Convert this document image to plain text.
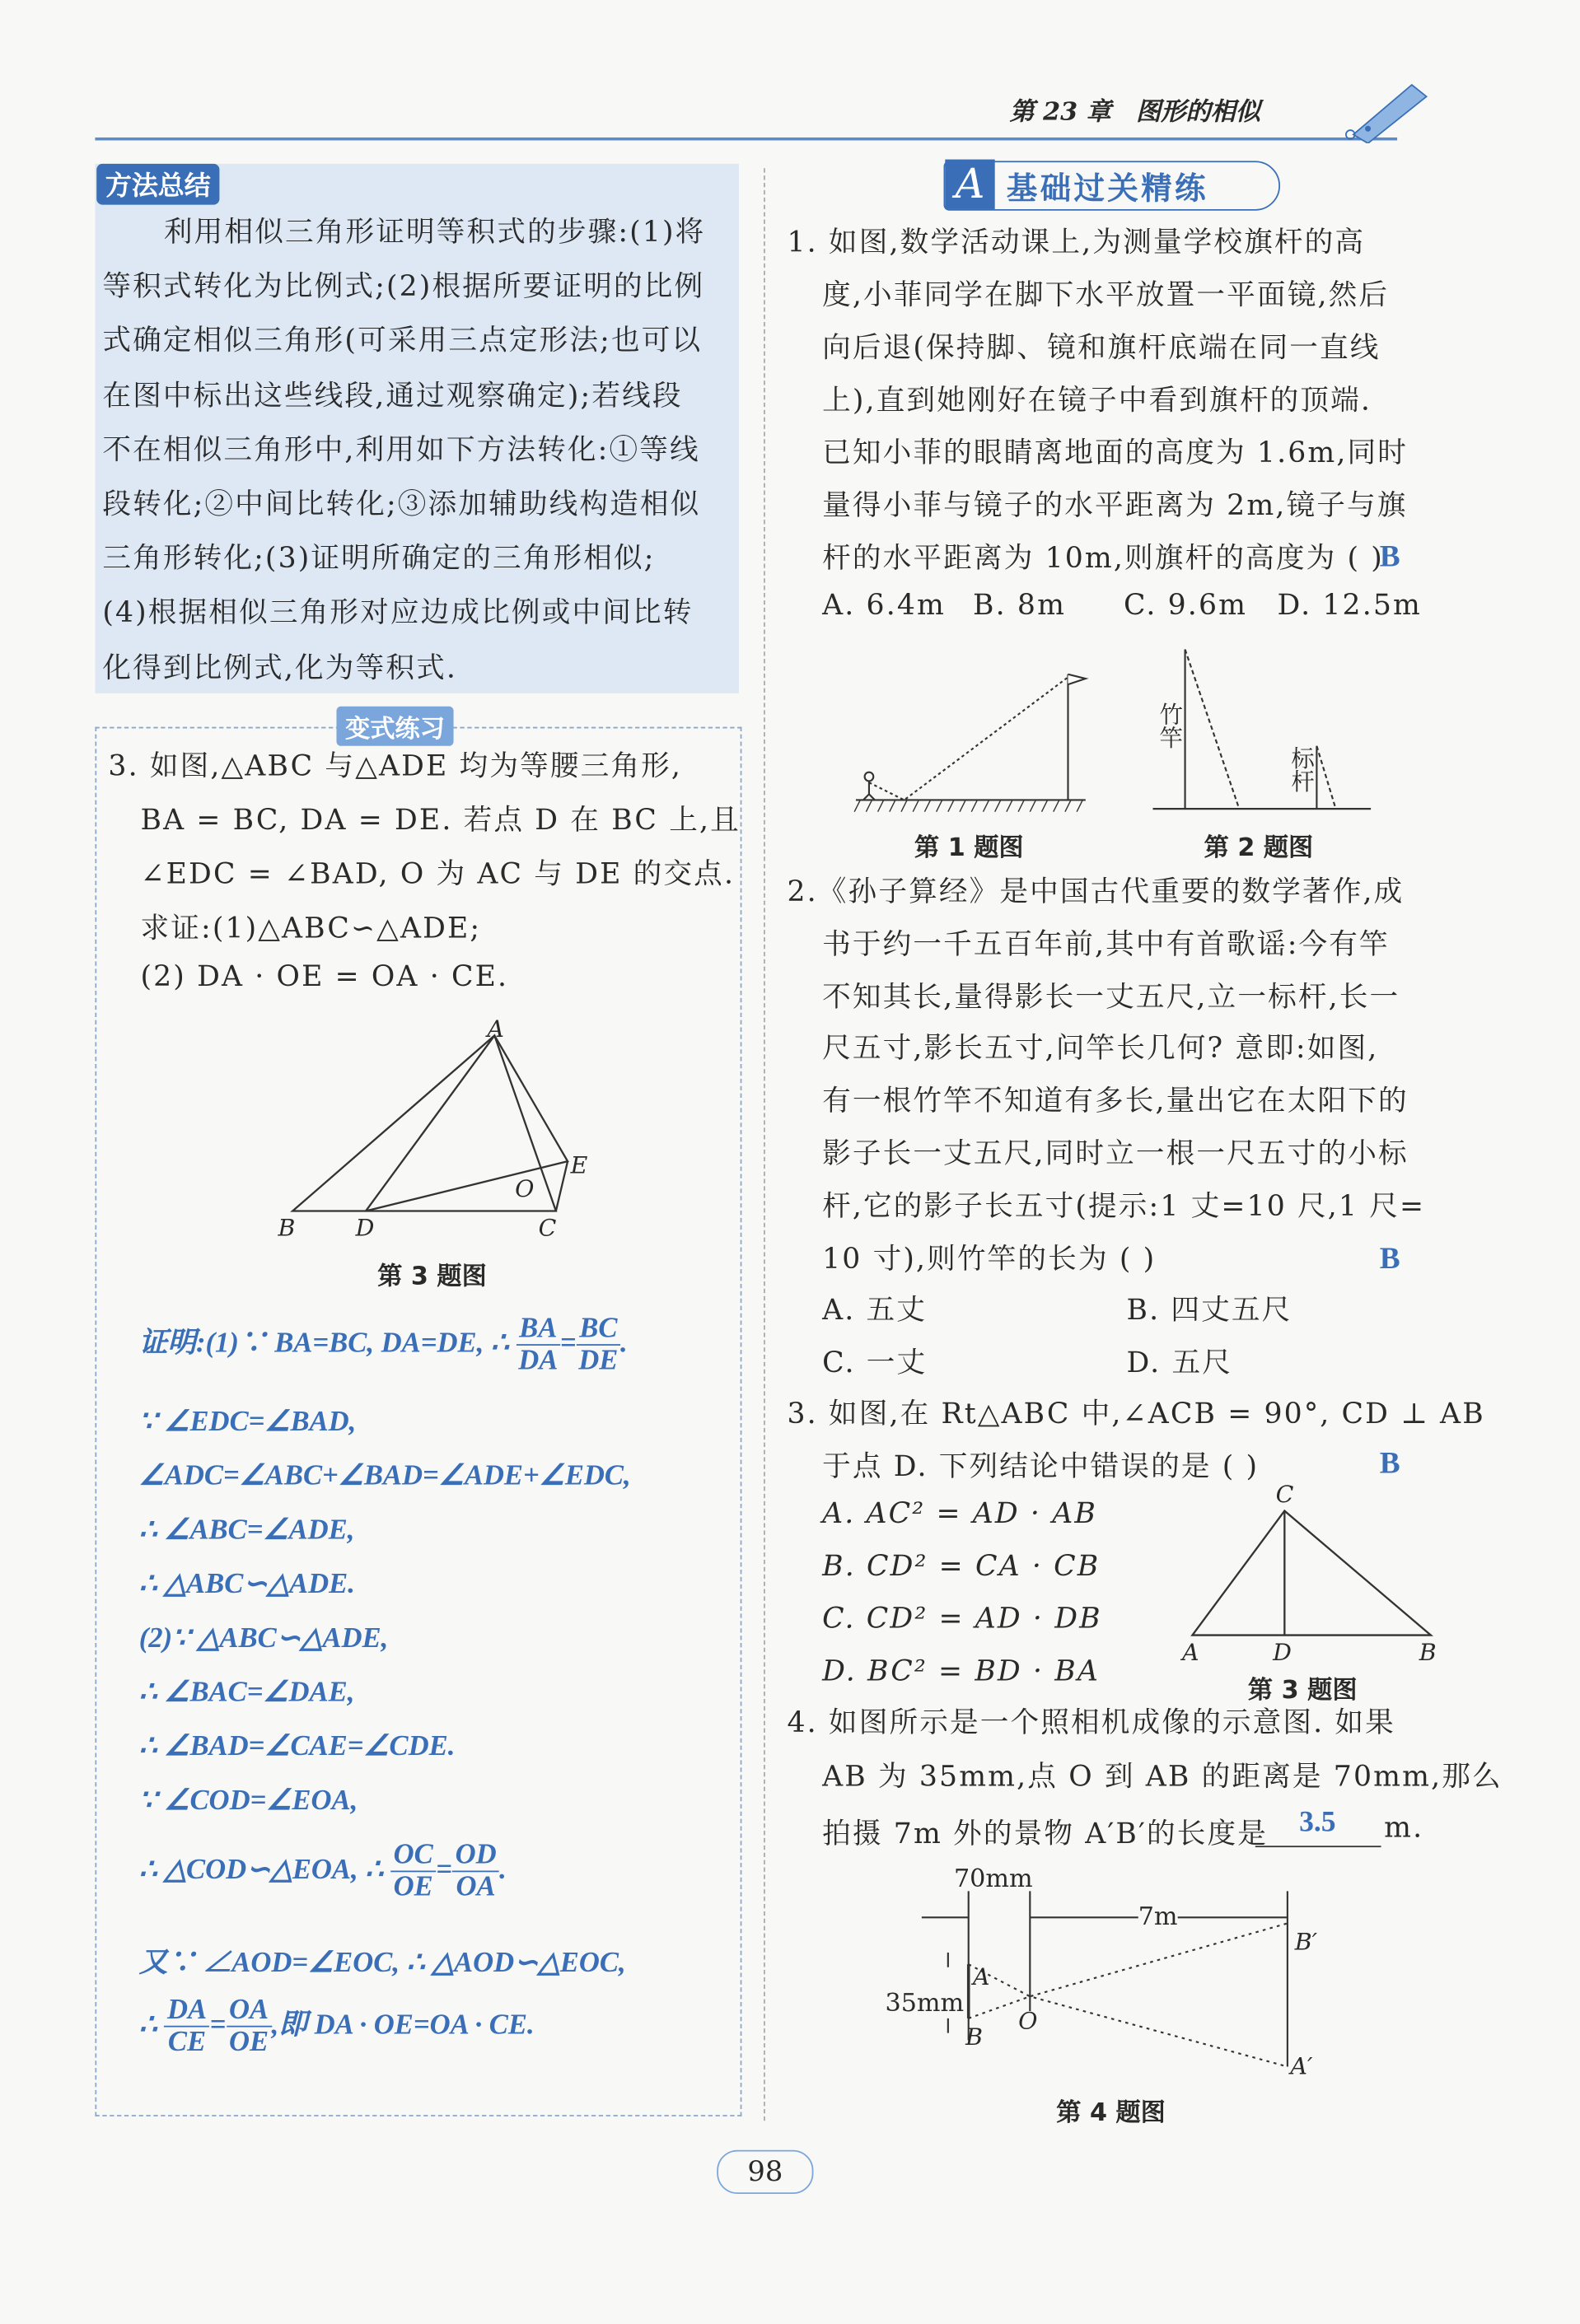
第 23 章　图形的相似
方法总结
变式练习
A
B	C
D
E
O
第 3 题图
证明:(1)∵ BA=BC, DA=DE, ∴ $\frac{BA}{DA} = \frac{BC}{DE}$ .
∵ ∠EDC=∠BAD,
∠ADC=∠ABC+∠BAD=∠ADE+∠EDC,
∴ ∠ABC=∠ADE,
∴ △ABC∽△ADE.
(2)∵ △ABC∽△ADE,
∴ ∠BAC=∠DAE,
∴ ∠BAD=∠CAE=∠CDE.
∵ ∠COD=∠EOA,
∴ △COD∽△EOA, ∴ $\frac{OC}{OE} = \frac{OD}{OA}$ .
又∵ ∠AOD=∠EOC, ∴ △AOD∽△EOC,
∴ $\frac{DA}{CE} = \frac{OA}{OE}$ ,即 DA · OE=OA · CE.
A	基础过关精练
第 1 题图
竹竿
标杆
第 2 题图
C
A	D	B
第 3 题图
70mm
7m
35mm
A
B
O
B′
A′
第 4 题图
98
利用相似三角形证明等积式的步骤:(1)将
等积式转化为比例式;(2)根据所要证明的比例
式确定相似三角形(可采用三点定形法;也可以
在图中标出这些线段,通过观察确定);若线段
不在相似三角形中,利用如下方法转化:①等线
段转化;②中间比转化;③添加辅助线构造相似
三角形转化;(3)证明所确定的三角形相似;
(4)根据相似三角形对应边成比例或中间比转
化得到比例式,化为等积式.
3. 如图,△ABC 与△ADE 均为等腰三角形,
BA = BC, DA = DE. 若点 D 在 BC 上,且
∠EDC = ∠BAD, O 为 AC 与 DE 的交点.
求证:(1)△ABC∽△ADE;
(2) DA · OE = OA · CE.
1. 如图,数学活动课上,为测量学校旗杆的高
度,小菲同学在脚下水平放置一平面镜,然后
向后退(保持脚、镜和旗杆底端在同一直线
上),直到她刚好在镜子中看到旗杆的顶端.
已知小菲的眼睛离地面的高度为 1.6m,同时
量得小菲与镜子的水平距离为 2m,镜子与旗
杆的水平距离为 10m,则旗杆的高度为 ( )
B
A. 6.4m B. 8m	C. 9.6m D. 12.5m
2.《孙子算经》是中国古代重要的数学著作,成
书于约一千五百年前,其中有首歌谣:今有竿
不知其长,量得影长一丈五尺,立一标杆,长一
尺五寸,影长五寸,问竿长几何? 意即:如图,
有一根竹竿不知道有多长,量出它在太阳下的
影子长一丈五尺,同时立一根一尺五寸的小标
杆,它的影子长五寸(提示:1 丈=10 尺,1 尺=
10 寸),则竹竿的长为 ( )	B
A. 五丈	B. 四丈五尺
C. 一丈	D. 五尺
3. 如图,在 Rt△ABC 中,∠ACB = 90°, CD ⊥ AB
于点 D. 下列结论中错误的是 ( )	B
A. AC² = AD · AB
B. CD² = CA · CB
C. CD² = AD · DB
D. BC² = BD · BA
4. 如图所示是一个照相机成像的示意图. 如果
AB 为 35mm,点 O 到 AB 的距离是 70mm,那么
拍摄 7m 外的景物 A′B′的长度是 3.5	m.
